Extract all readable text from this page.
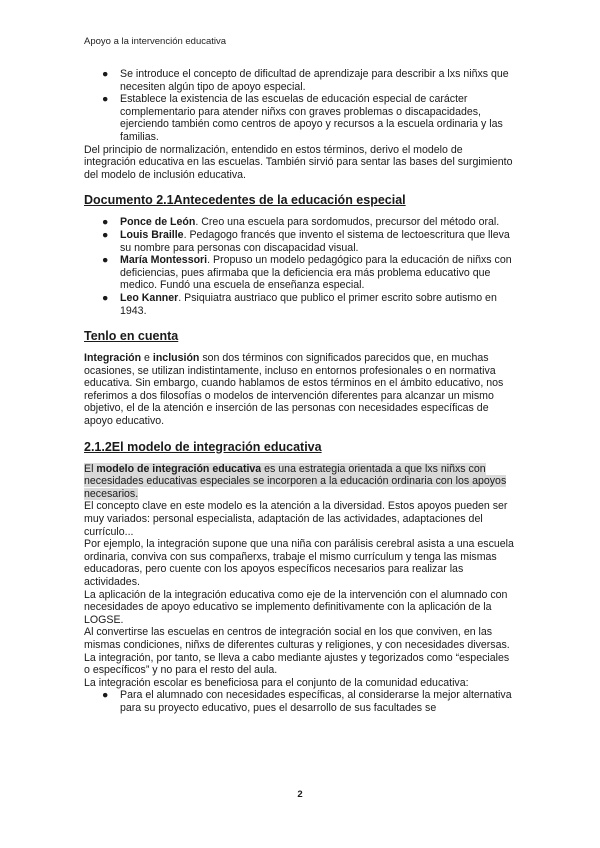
Apoyo a la intervención educativa
● Se introduce el concepto de dificultad de aprendizaje para describir a lxs niñxs que necesiten algún tipo de apoyo especial.
● Establece la existencia de las escuelas de educación especial de carácter complementario para atender niñxs con graves problemas o discapacidades, ejerciendo también como centros de apoyo y recursos a la escuela ordinaria y las familias.

Del principio de normalización, entendido en estos términos, derivo el modelo de integración educativa en las escuelas. También sirvió para sentar las bases del surgimiento del modelo de inclusión educativa.

Documento 2.1Antecedentes de la educación especial
● Ponce de León. Creo una escuela para sordomudos, precursor del método oral.
● Louis Braille. Pedagogo francés que invento el sistema de lectoescritura que lleva su nombre para personas con discapacidad visual.
● María Montessori. Propuso un modelo pedagógico para la educación de niñxs con deficiencias, pues afirmaba que la deficiencia era más problema educativo que medico. Fundó una escuela de enseñanza especial.
● Leo Kanner. Psiquiatra austriaco que publico el primer escrito sobre autismo en 1943.
Tenlo en cuenta

Integración e inclusión son dos términos con significados parecidos que, en muchas ocasiones, se utilizan indistintamente, incluso en entornos profesionales o en normativa educativa. Sin embargo, cuando hablamos de estos términos en el ámbito educativo, nos referimos a dos filosofías o modelos de intervención diferentes para alcanzar un mismo objetivo, el de la atención e inserción de las personas con necesidades específicas de apoyo educativo.

2.1.2El modelo de integración educativa

El modelo de integración educativa es una estrategia orientada a que lxs niñxs con necesidades educativas especiales se incorporen a la educación ordinaria con los apoyos necesarios.

El concepto clave en este modelo es la atención a la diversidad. Estos apoyos pueden ser muy variados: personal especialista, adaptación de las actividades, adaptaciones del currículo...

Por ejemplo, la integración supone que una niña con parálisis cerebral asista a una escuela ordinaria, conviva con sus compañerxs, trabaje el mismo currículum y tenga las mismas educadoras, pero cuente con los apoyos específicos necesarios para realizar las actividades.

La aplicación de la integración educativa como eje de la intervención con el alumnado con necesidades de apoyo educativo se implemento definitivamente con la aplicación de la LOGSE.

Al convertirse las escuelas en centros de integración social en los que conviven, en las mismas condiciones, niñxs de diferentes culturas y religiones, y con necesidades diversas.

La integración, por tanto, se lleva a cabo mediante ajustes y tegorizados como “especiales o específicos” y no para el resto del aula.

La integración escolar es beneficiosa para el conjunto de la comunidad educativa:

● Para el alumnado con necesidades específicas, al considerarse la mejor alternativa para su proyecto educativo, pues el desarrollo de sus facultades se
2
